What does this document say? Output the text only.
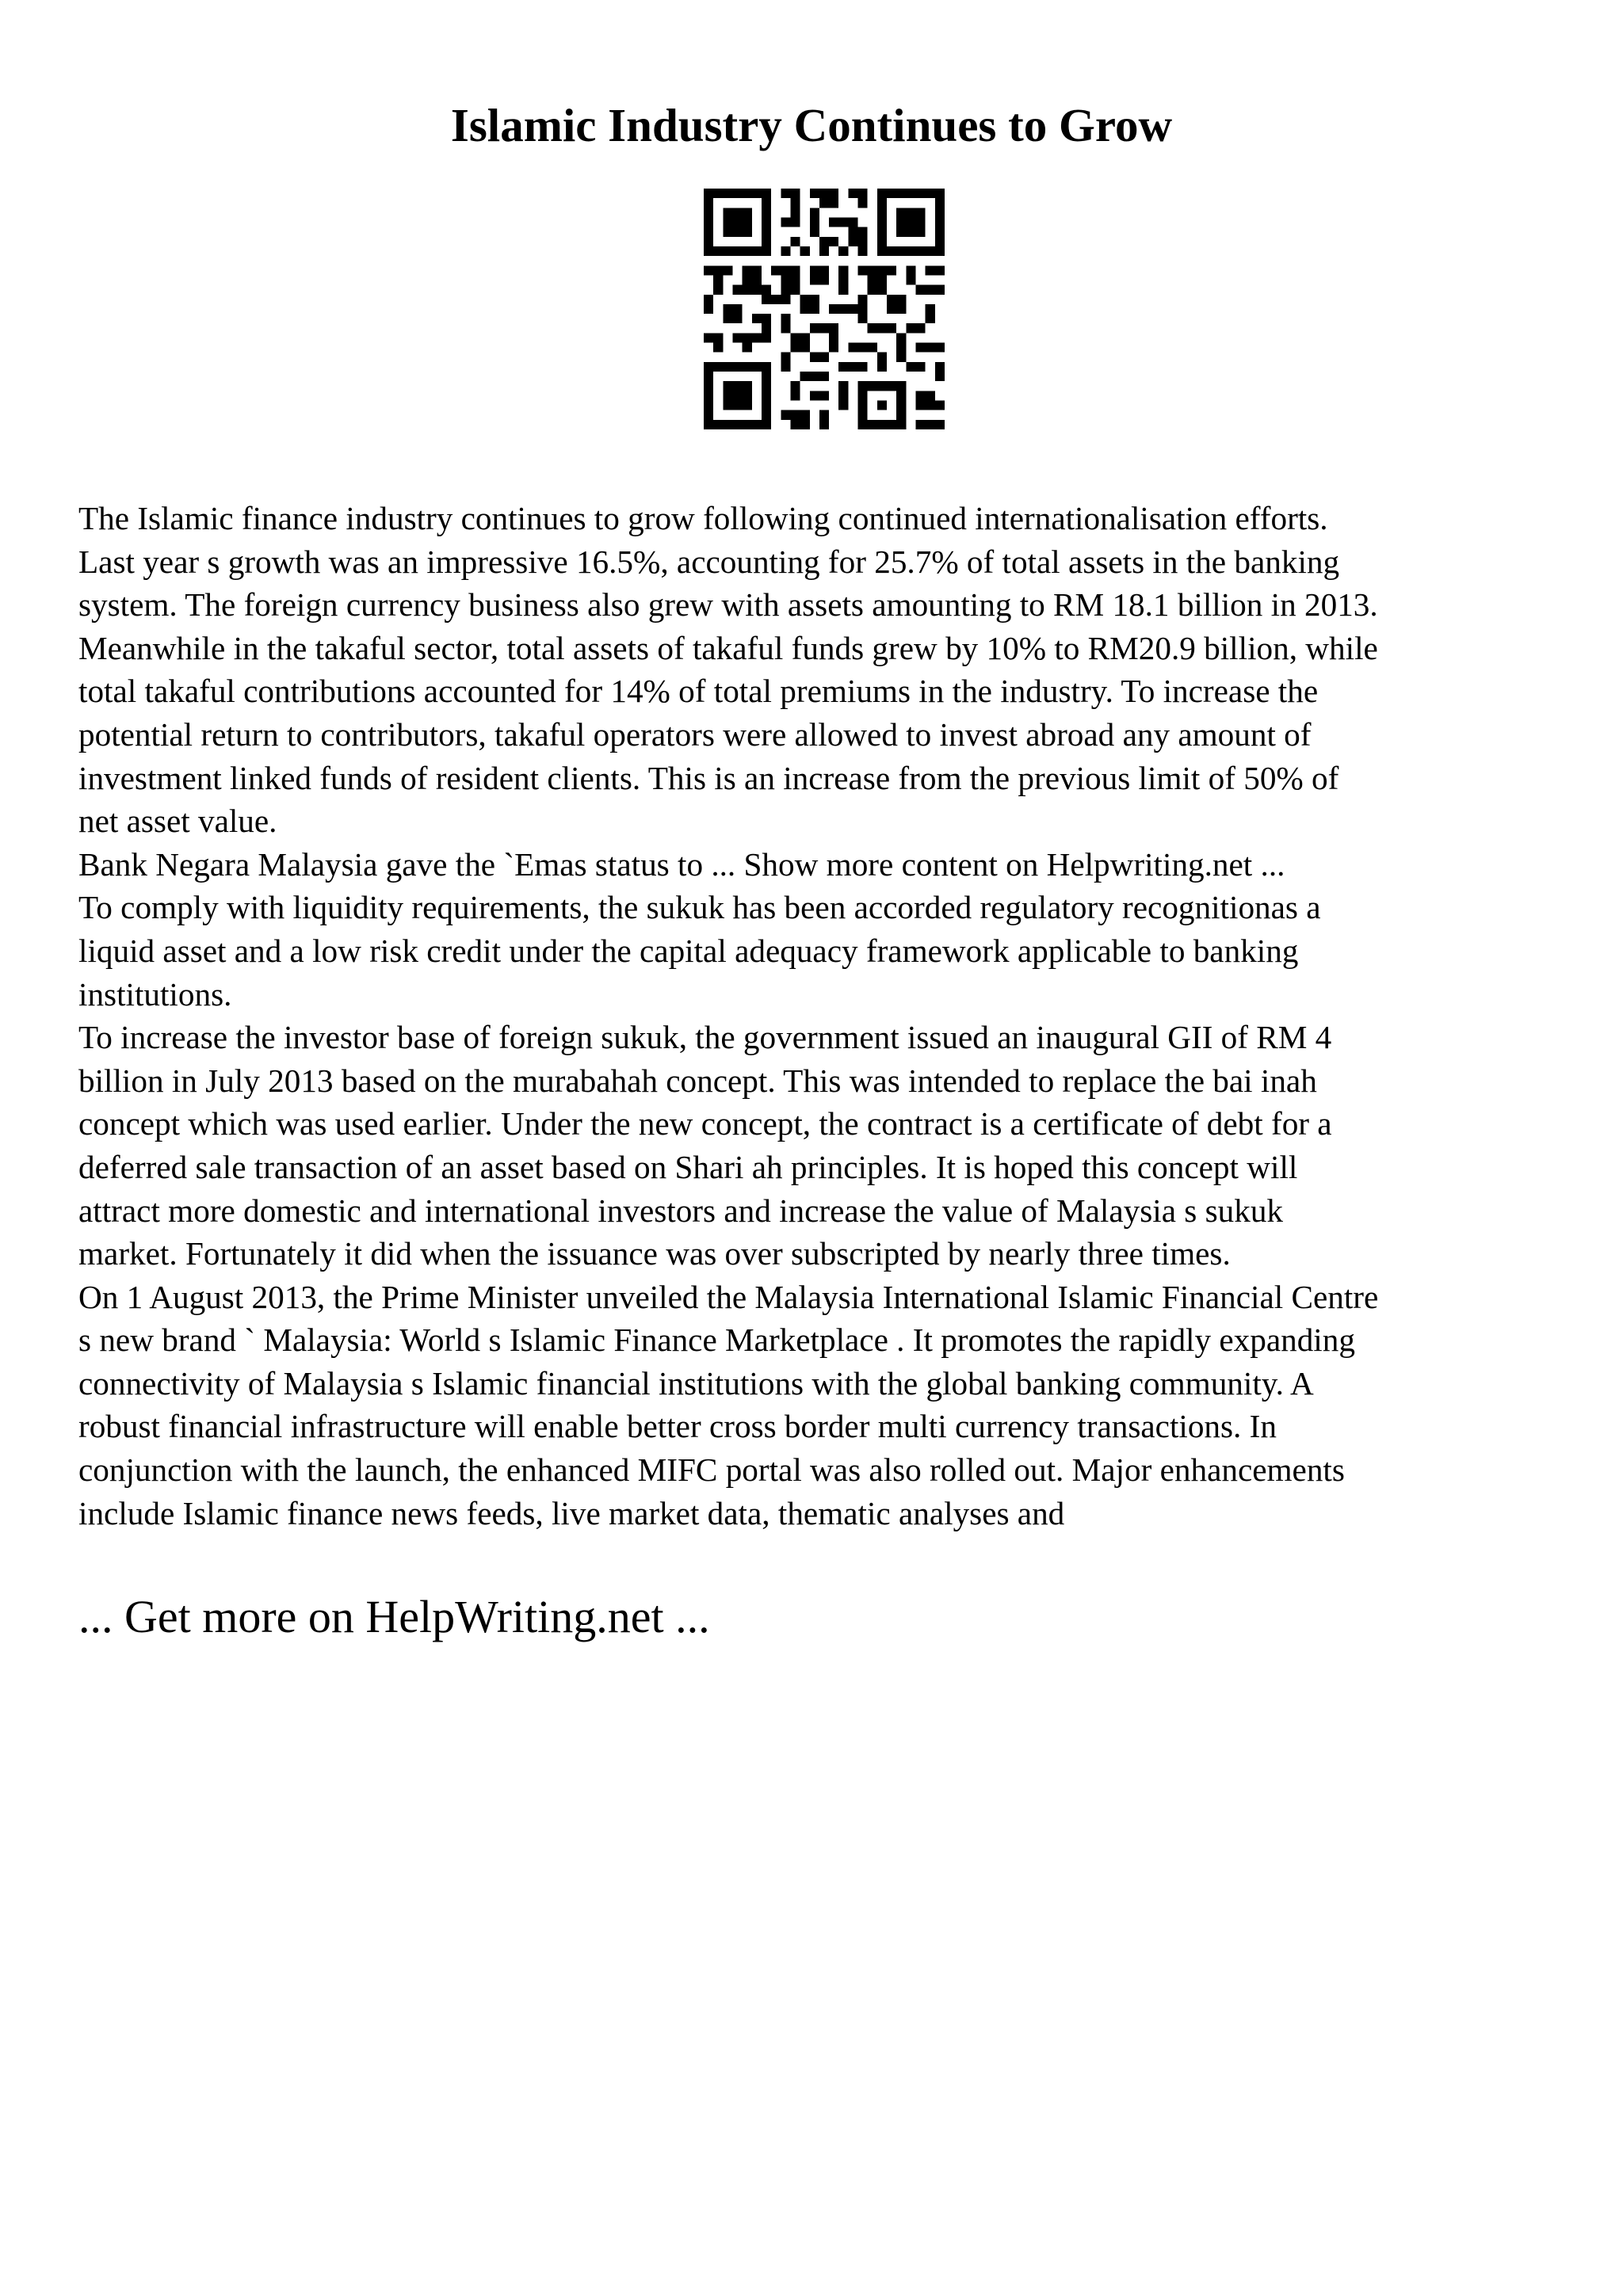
Islamic Industry Continues to Grow
The Islamic finance industry continues to grow following continued internationalisation efforts.
Last year s growth was an impressive 16.5%, accounting for 25.7% of total assets in the banking
system. The foreign currency business also grew with assets amounting to RM 18.1 billion in 2013.
Meanwhile in the takaful sector, total assets of takaful funds grew by 10% to RM20.9 billion, while
total takaful contributions accounted for 14% of total premiums in the industry. To increase the
potential return to contributors, takaful operators were allowed to invest abroad any amount of
investment linked funds of resident clients. This is an increase from the previous limit of 50% of
net asset value.
Bank Negara Malaysia gave the `Emas status to ... Show more content on Helpwriting.net ...
To comply with liquidity requirements, the sukuk has been accorded regulatory recognitionas a
liquid asset and a low risk credit under the capital adequacy framework applicable to banking
institutions.
To increase the investor base of foreign sukuk, the government issued an inaugural GII of RM 4
billion in July 2013 based on the murabahah concept. This was intended to replace the bai inah
concept which was used earlier. Under the new concept, the contract is a certificate of debt for a
deferred sale transaction of an asset based on Shari ah principles. It is hoped this concept will
attract more domestic and international investors and increase the value of Malaysia s sukuk
market. Fortunately it did when the issuance was over subscripted by nearly three times.
On 1 August 2013, the Prime Minister unveiled the Malaysia International Islamic Financial Centre
s new brand ` Malaysia: World s Islamic Finance Marketplace . It promotes the rapidly expanding
connectivity of Malaysia s Islamic financial institutions with the global banking community. A
robust financial infrastructure will enable better cross border multi currency transactions. In
conjunction with the launch, the enhanced MIFC portal was also rolled out. Major enhancements
include Islamic finance news feeds, live market data, thematic analyses and
... Get more on HelpWriting.net ...
